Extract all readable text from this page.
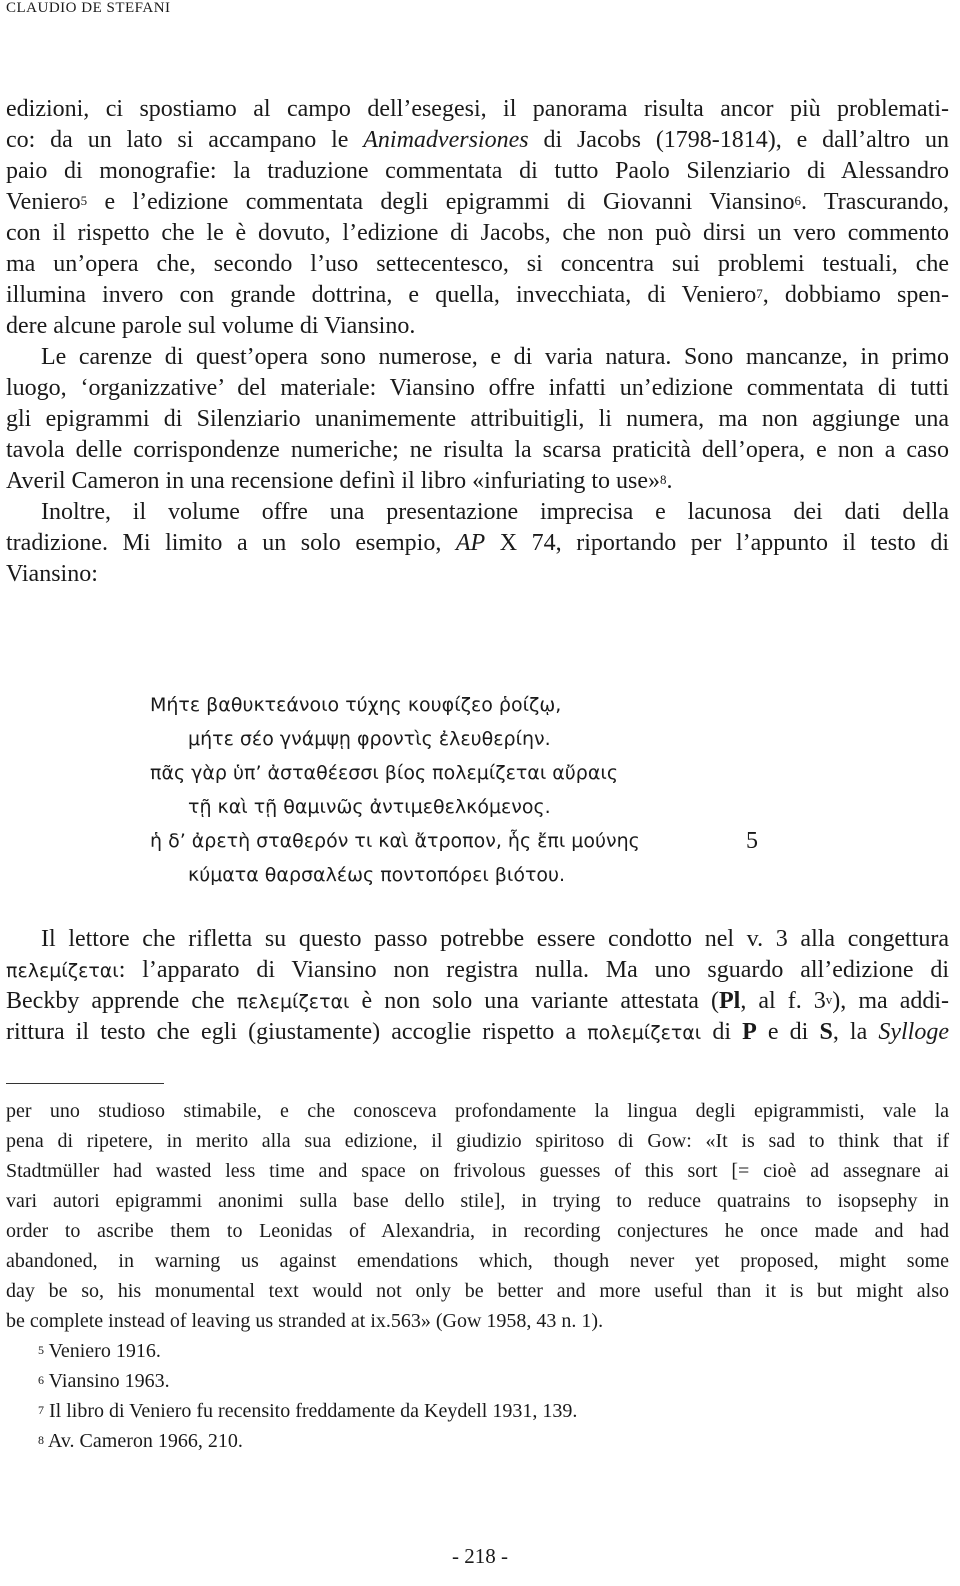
CLAUDIO DE STEFANI
edizioni, ci spostiamo al campo dell’esegesi, il panorama risulta ancor più problemati-
co: da un lato si accampano le Animadversiones di Jacobs (1798-1814), e dall’altro un
paio di monografie: la traduzione commentata di tutto Paolo Silenziario di Alessandro
Veniero$^5$ e l’edizione commentata degli epigrammi di Giovanni Viansino$^6$. Trascurando,
con il rispetto che le è dovuto, l’edizione di Jacobs, che non può dirsi un vero commento
ma un’opera che, secondo l’uso settecentesco, si concentra sui problemi testuali, che
illumina invero con grande dottrina, e quella, invecchiata, di Veniero$^7$, dobbiamo spen-
dere alcune parole sul volume di Viansino.
Le carenze di quest’opera sono numerose, e di varia natura. Sono mancanze, in primo
luogo, ‘organizzative’ del materiale: Viansino offre infatti un’edizione commentata di tutti
gli epigrammi di Silenziario unanimemente attribuitigli, li numera, ma non aggiunge una
tavola delle corrispondenze numeriche; ne risulta la scarsa praticità dell’opera, e non a caso
Averil Cameron in una recensione definì il libro «infuriating to use»$^8$.
Inoltre, il volume offre una presentazione imprecisa e lacunosa dei dati della
tradizione. Mi limito a un solo esempio, AP X 74, riportando per l’appunto il testo di
Viansino:
Μήτε βαθυκτεάνοιο τύχης κουφίζεο ῥοίζῳ,
μήτε σέο γνάμψῃ φροντὶς ἐλευθερίην.
πᾶς γὰρ ὑπ’ ἀσταθέεσσι βίος πολεμίζεται αὔραις
τῇ καὶ τῇ θαμινῶς ἀντιμεθελκόμενος.
ἡ δ’ ἀρετὴ σταθερόν τι καὶ ἄτροπον, ἧς ἔπι μούνης	5
κύματα θαρσαλέως ποντοπόρει βιότου.
Il lettore che rifletta su questo passo potrebbe essere condotto nel v. 3 alla congettura
πελεμίζεται: l’apparato di Viansino non registra nulla. Ma uno sguardo all’edizione di
Beckby apprende che πελεμίζεται è non solo una variante attestata (Pl, al f. 3$^v$), ma addi-
rittura il testo che egli (giustamente) accoglie rispetto a πολεμίζεται di P e di S, la Sylloge
per uno studioso stimabile, e che conosceva profondamente la lingua degli epigrammisti, vale la
pena di ripetere, in merito alla sua edizione, il giudizio spiritoso di Gow: «It is sad to think that if
Stadtmüller had wasted less time and space on frivolous guesses of this sort [= cioè ad assegnare ai
vari autori epigrammi anonimi sulla base dello stile], in trying to reduce quatrains to isopsephy in
order to ascribe them to Leonidas of Alexandria, in recording conjectures he once made and had
abandoned, in warning us against emendations which, though never yet proposed, might some
day be so, his monumental text would not only be better and more useful than it is but might also
be complete instead of leaving us stranded at ix.563» (Gow 1958, 43 n. 1).
$^5$ Veniero 1916.
$^6$ Viansino 1963.
$^7$ Il libro di Veniero fu recensito freddamente da Keydell 1931, 139.
$^8$ Av. Cameron 1966, 210.
- 218 -
